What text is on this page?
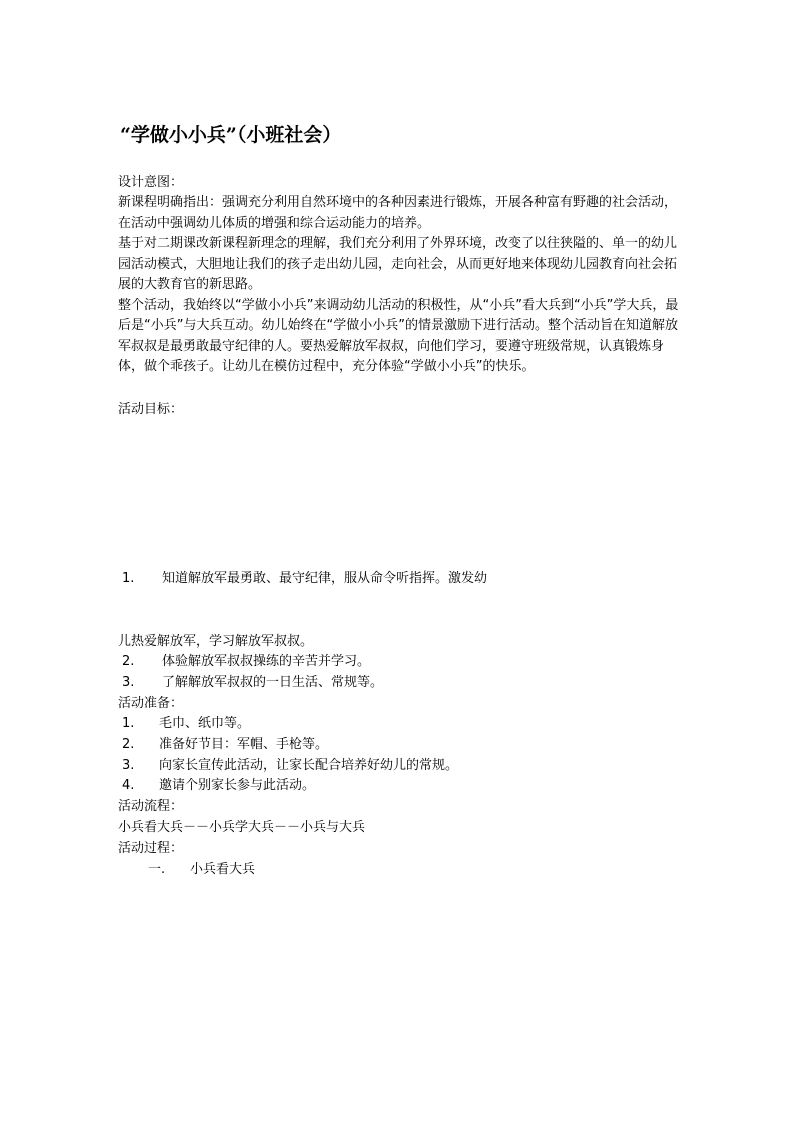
“学做小小兵”（小班社会）
设计意图：

新课程明确指出：强调充分利用自然环境中的各种因素进行锻炼，开展各种富有野趣的社会活动，在活动中强调幼儿体质的增强和综合运动能力的培养。

基于对二期课改新课程新理念的理解，我们充分利用了外界环境，改变了以往狭隘的、单一的幼儿园活动模式，大胆地让我们的孩子走出幼儿园，走向社会，从而更好地来体现幼儿园教育向社会拓展的大教育官的新思路。

整个活动，我始终以“学做小小兵”来调动幼儿活动的积极性，从“小兵”看大兵到“小兵”学大兵，最后是“小兵”与大兵互动。幼儿始终在“学做小小兵”的情景激励下进行活动。整个活动旨在知道解放军叔叔是最勇敢最守纪律的人。要热爱解放军叔叔，向他们学习，要遵守班级常规，认真锻炼身体，做个乖孩子。让幼儿在模仿过程中，充分体验“学做小小兵”的快乐。

活动目标：
1. 知道解放军最勇敢、最守纪律，服从命令听指挥。激发幼
儿热爱解放军，学习解放军叔叔。
2. 体验解放军叔叔操练的辛苦并学习。
3. 了解解放军叔叔的一日生活、常规等。
活动准备：
1. 毛巾、纸巾等。
2. 准备好节目：军帽、手枪等。
3. 向家长宣传此活动，让家长配合培养好幼儿的常规。
4. 邀请个别家长参与此活动。
活动流程：
小兵看大兵－－小兵学大兵－－小兵与大兵
活动过程：
一. 小兵看大兵
